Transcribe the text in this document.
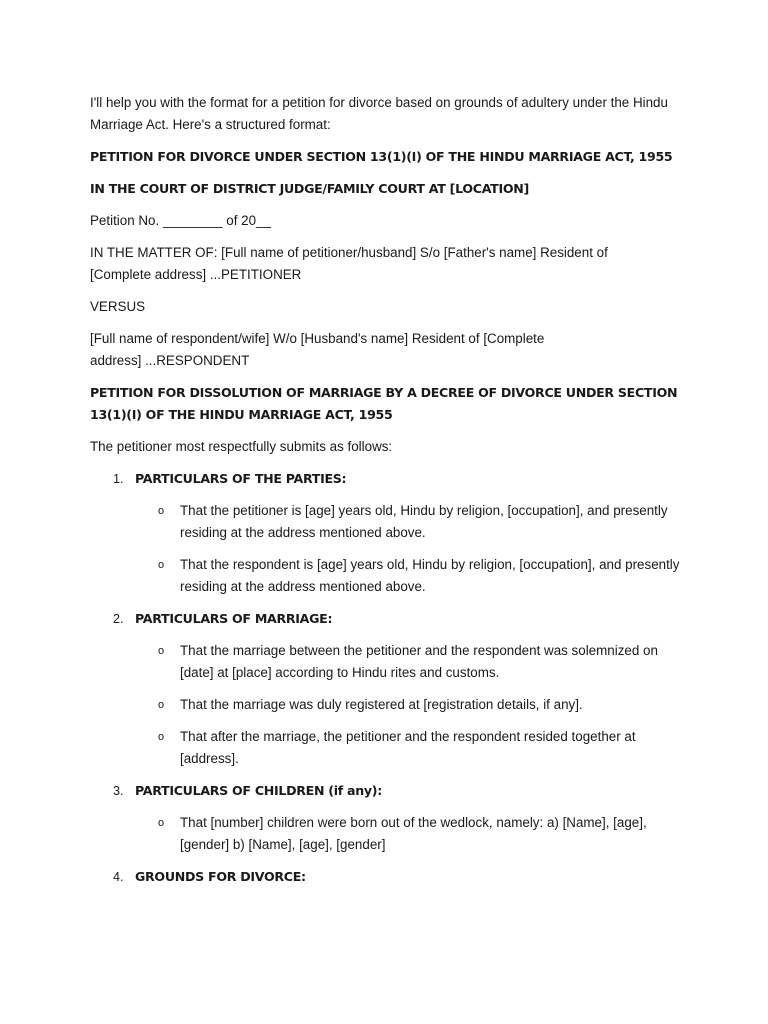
I'll help you with the format for a petition for divorce based on grounds of adultery under the Hindu Marriage Act. Here's a structured format:

PETITION FOR DIVORCE UNDER SECTION 13(1)(I) OF THE HINDU MARRIAGE ACT, 1955

IN THE COURT OF DISTRICT JUDGE/FAMILY COURT AT [LOCATION]

Petition No. ________ of 20__

IN THE MATTER OF: [Full name of petitioner/husband] S/o [Father's name] Resident of [Complete address] ...PETITIONER

VERSUS

[Full name of respondent/wife] W/o [Husband's name] Resident of [Complete address] ...RESPONDENT

PETITION FOR DISSOLUTION OF MARRIAGE BY A DECREE OF DIVORCE UNDER SECTION 13(1)(I) OF THE HINDU MARRIAGE ACT, 1955

The petitioner most respectfully submits as follows:

1. PARTICULARS OF THE PARTIES:
o That the petitioner is [age] years old, Hindu by religion, [occupation], and presently residing at the address mentioned above.

o That the respondent is [age] years old, Hindu by religion, [occupation], and presently residing at the address mentioned above.

2. PARTICULARS OF MARRIAGE:
o That the marriage between the petitioner and the respondent was solemnized on [date] at [place] according to Hindu rites and customs.

o That the marriage was duly registered at [registration details, if any].

o That after the marriage, the petitioner and the respondent resided together at [address].

3. PARTICULARS OF CHILDREN (if any):
o That [number] children were born out of the wedlock, namely: a) [Name], [age], [gender] b) [Name], [age], [gender]

4. GROUNDS FOR DIVORCE:
